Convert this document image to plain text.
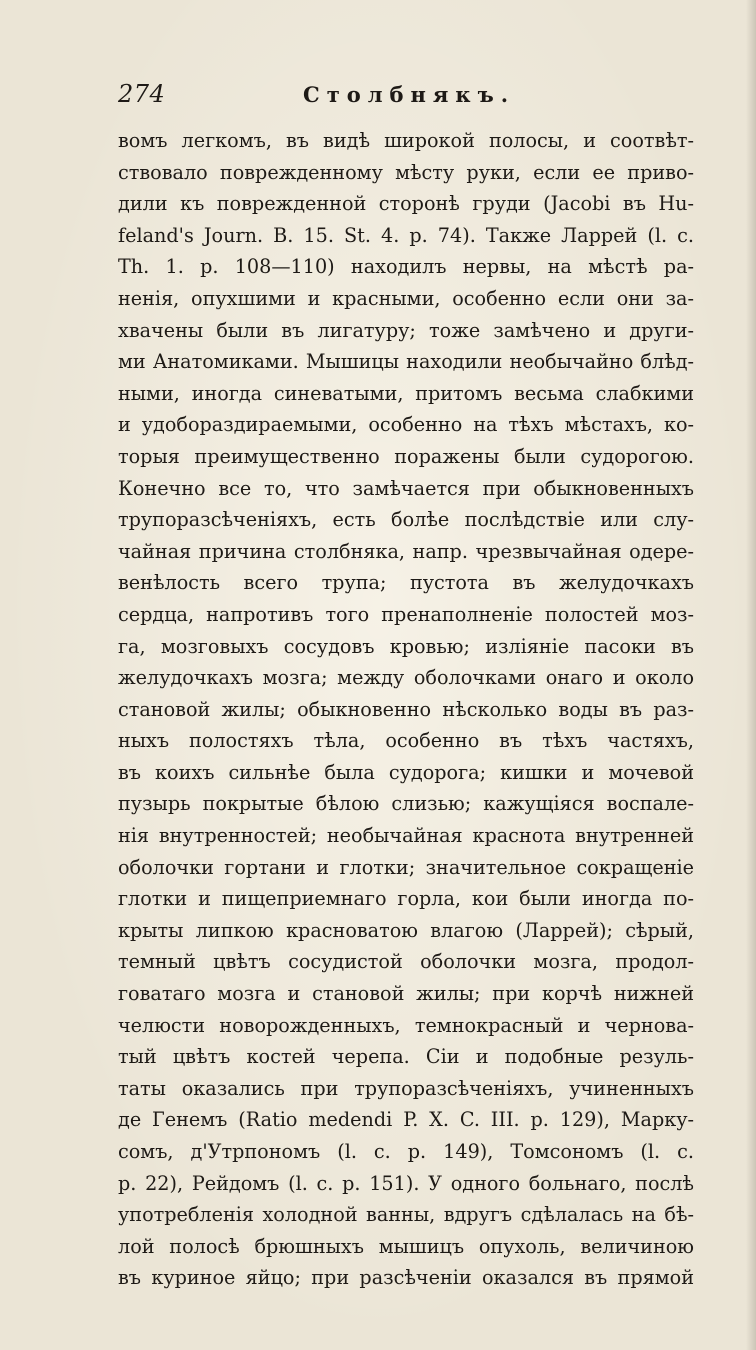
274	Столбнякъ.
вомъ легкомъ, въ видѣ широкой полосы, и соотвѣт-
ствовало поврежденному мѣсту руки, если ее приво-
дили къ поврежденной сторонѣ груди (Jacobi въ Hu-
feland's Journ. B. 15. St. 4. p. 74). Также Ларрей (l. c.
Th. 1. p. 108—110) находилъ нервы, на мѣстѣ ра-
ненія, опухшими и красными, особенно если они за-
хвачены были въ лигатуру; тоже замѣчено и други-
ми Анатомиками. Мышицы находили необычайно блѣд-
ными, иногда синеватыми, притомъ весьма слабкими
и удобораздираемыми, особенно на тѣхъ мѣстахъ, ко-
торыя преимущественно поражены были судорогою.
Конечно все то, что замѣчается при обыкновенныхъ
трупоразсѣченіяхъ, есть болѣе послѣдствіе или слу-
чайная причина столбняка, напр. чрезвычайная одере-
венѣлость всего трупа; пустота въ желудочкахъ
сердца, напротивъ того пренаполненіе полостей моз-
га, мозговыхъ сосудовъ кровью; изліяніе пасоки въ
желудочкахъ мозга; между оболочками онаго и около
становой жилы; обыкновенно нѣсколько воды въ раз-
ныхъ полостяхъ тѣла, особенно въ тѣхъ частяхъ,
въ коихъ сильнѣе была судорога; кишки и мочевой
пузырь покрытые бѣлою слизью; кажущіяся воспале-
нія внутренностей; необычайная краснота внутренней
оболочки гортани и глотки; значительное сокращеніе
глотки и пищеприемнаго горла, кои были иногда по-
крыты липкою красноватою влагою (Ларрей); сѣрый,
темный цвѣтъ сосудистой оболочки мозга, продол-
говатаго мозга и становой жилы; при корчѣ нижней
челюсти новорожденныхъ, темнокрасный и чернова-
тый цвѣтъ костей черепа. Сіи и подобные резуль-
таты оказались при трупоразсѣченіяхъ, учиненныхъ
де Генемъ (Ratio medendi P. X. C. III. p. 129), Марку-
сомъ, д'Утрпономъ (l. c. p. 149), Томсономъ (l. c.
p. 22), Рейдомъ (l. c. p. 151). У одного больнаго, послѣ
употребленія холодной ванны, вдругъ сдѣлалась на бѣ-
лой полосѣ брюшныхъ мышицъ опухоль, величиною
въ куриное яйцо; при разсѣченіи оказался въ прямой
